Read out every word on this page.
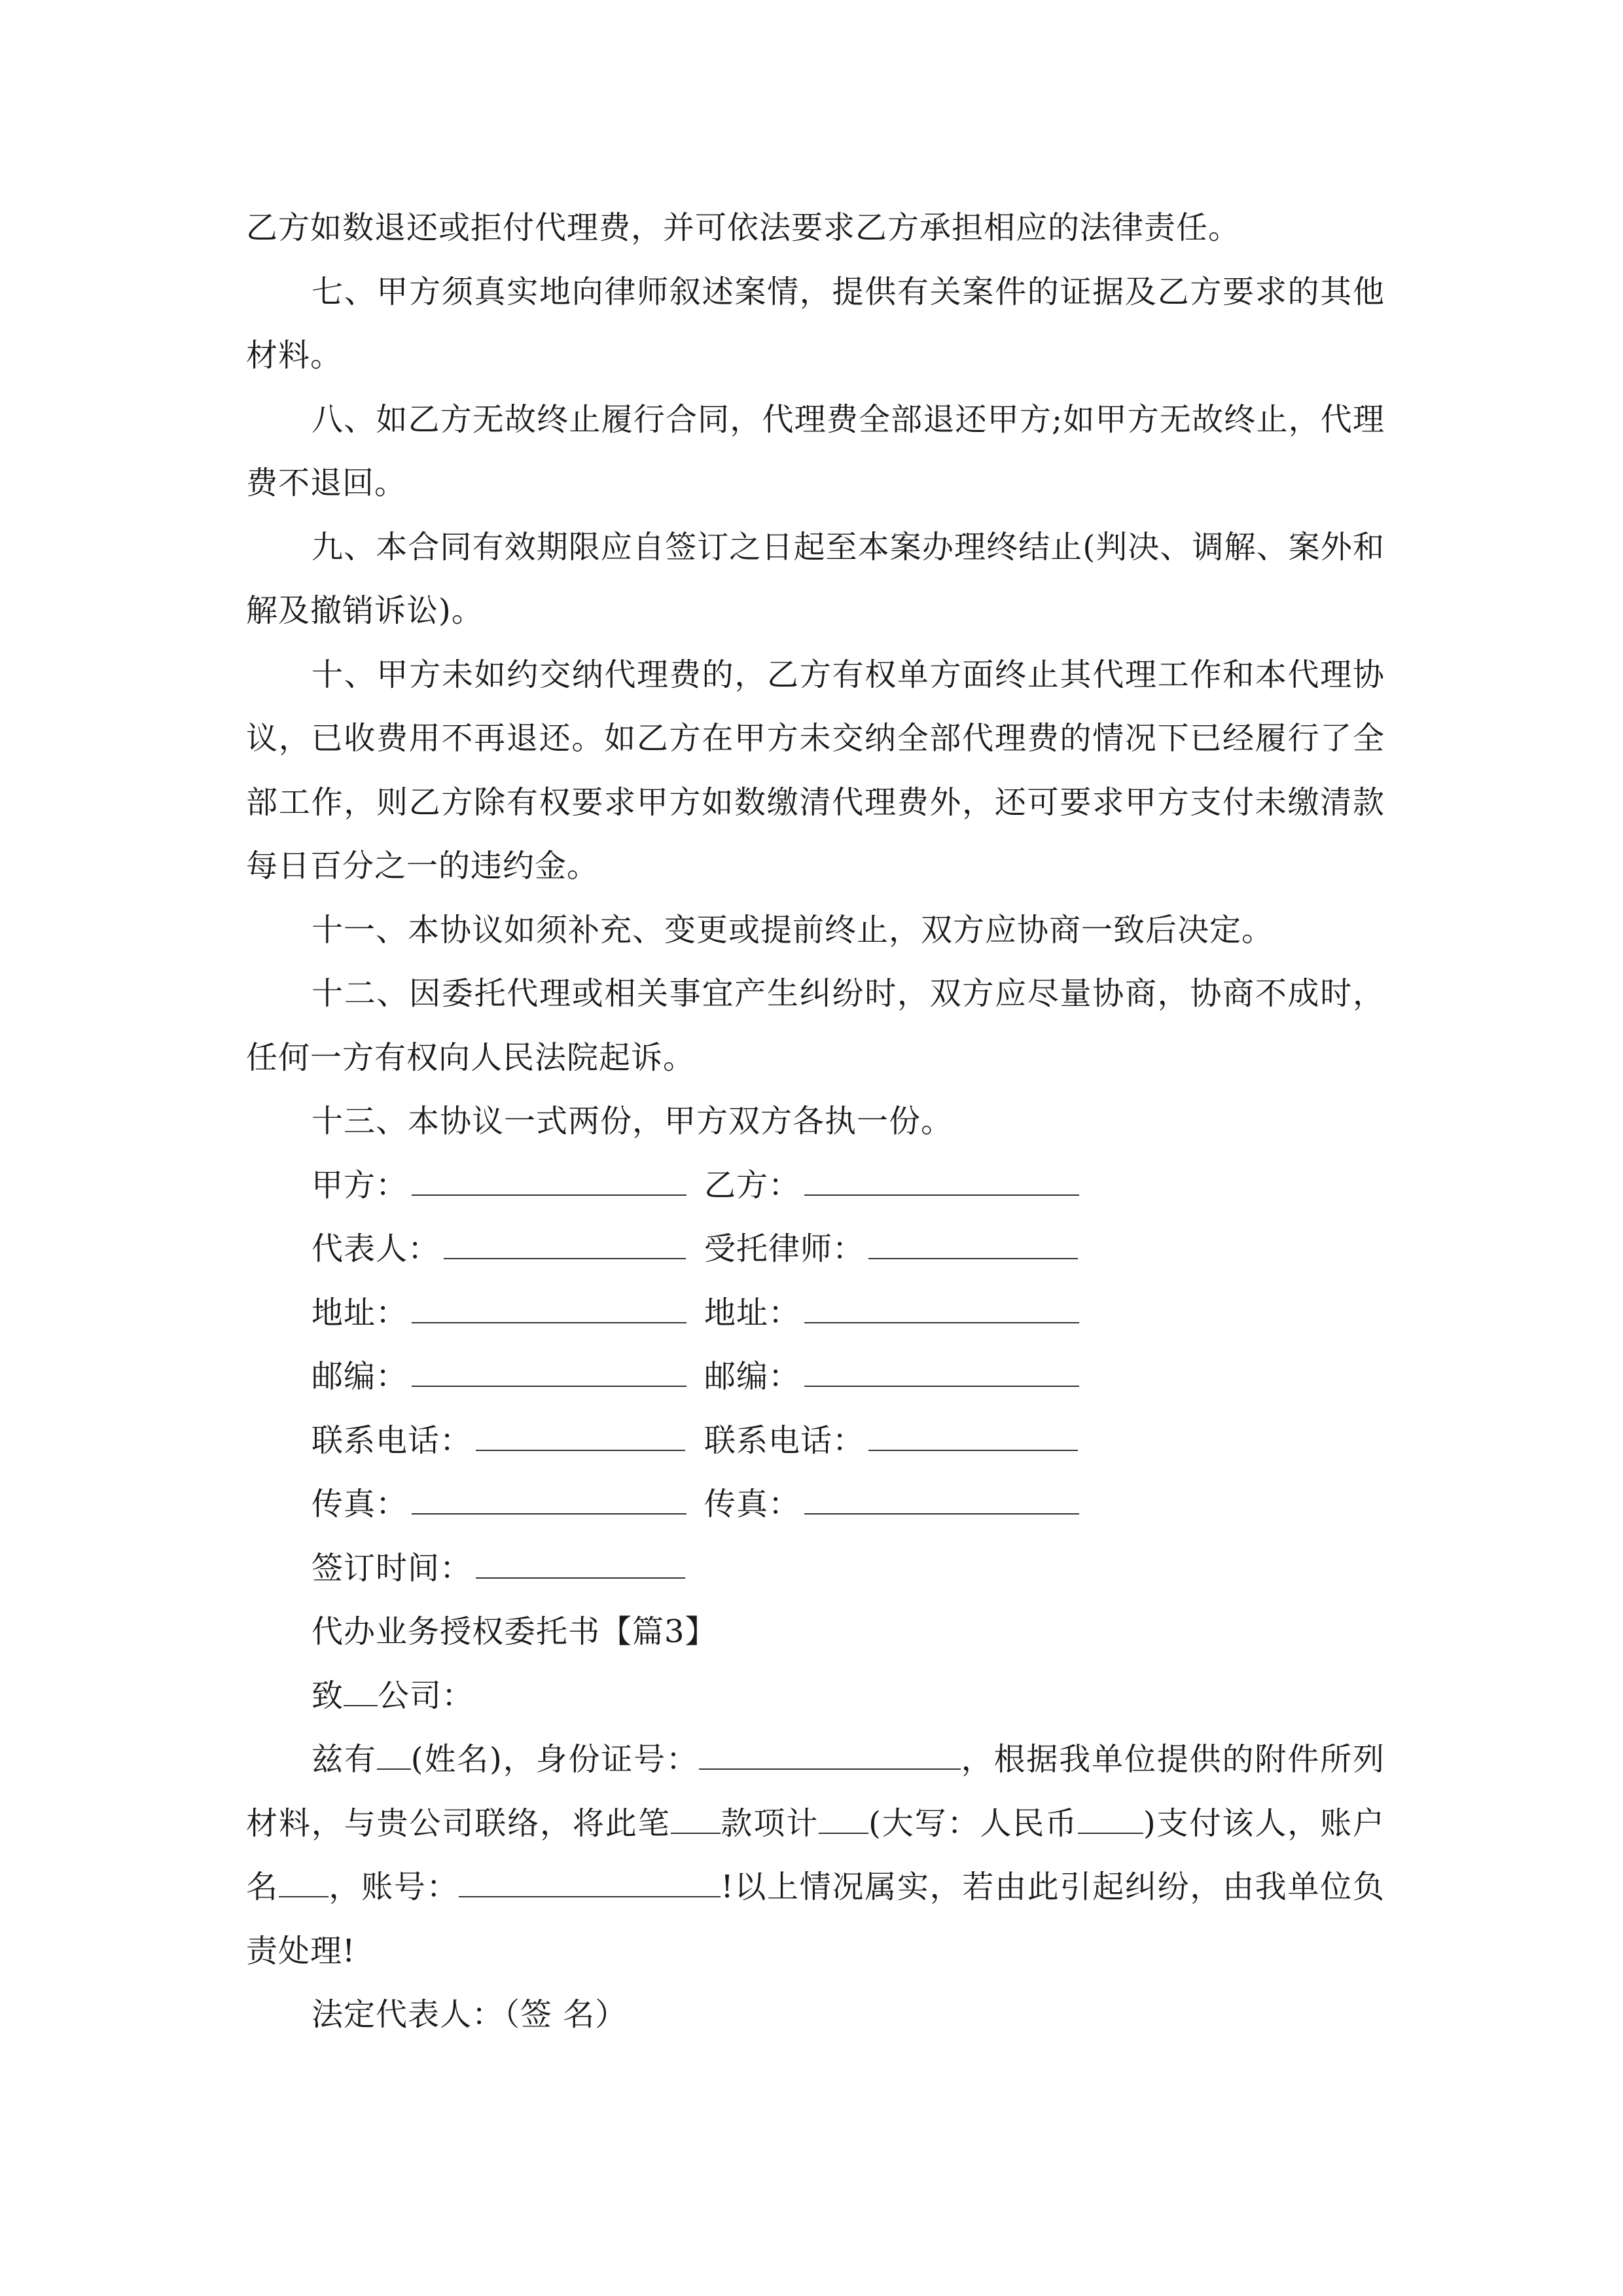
乙方如数退还或拒付代理费，并可依法要求乙方承担相应的法律责任。

七、甲方须真实地向律师叙述案情，提供有关案件的证据及乙方要求的其他材料。

八、如乙方无故终止履行合同，代理费全部退还甲方;如甲方无故终止，代理费不退回。

九、本合同有效期限应自签订之日起至本案办理终结止(判决、调解、案外和解及撤销诉讼)。

十、甲方未如约交纳代理费的，乙方有权单方面终止其代理工作和本代理协议，已收费用不再退还。如乙方在甲方未交纳全部代理费的情况下已经履行了全部工作，则乙方除有权要求甲方如数缴清代理费外，还可要求甲方支付未缴清款每日百分之一的违约金。

十一、本协议如须补充、变更或提前终止，双方应协商一致后决定。

十二、因委托代理或相关事宜产生纠纷时，双方应尽量协商，协商不成时，任何一方有权向人民法院起诉。

十三、本协议一式两份，甲方双方各执一份。

甲方：	乙方：
代表人：	受托律师：
地址：	地址：
邮编：	邮编：
联系电话：	联系电话：
传真：	传真：
签订时间：

代办业务授权委托书【篇3】

致 公司：

兹有 (姓名)，身份证号：	，根据我单位提供的附件所列材料，与贵公司联络，将此笔 款项计 (大写：人民币 )支付该人，账户名 ，账号：	!以上情况属实，若由此引起纠纷，由我单位负责处理!

法定代表人：（签 名）
